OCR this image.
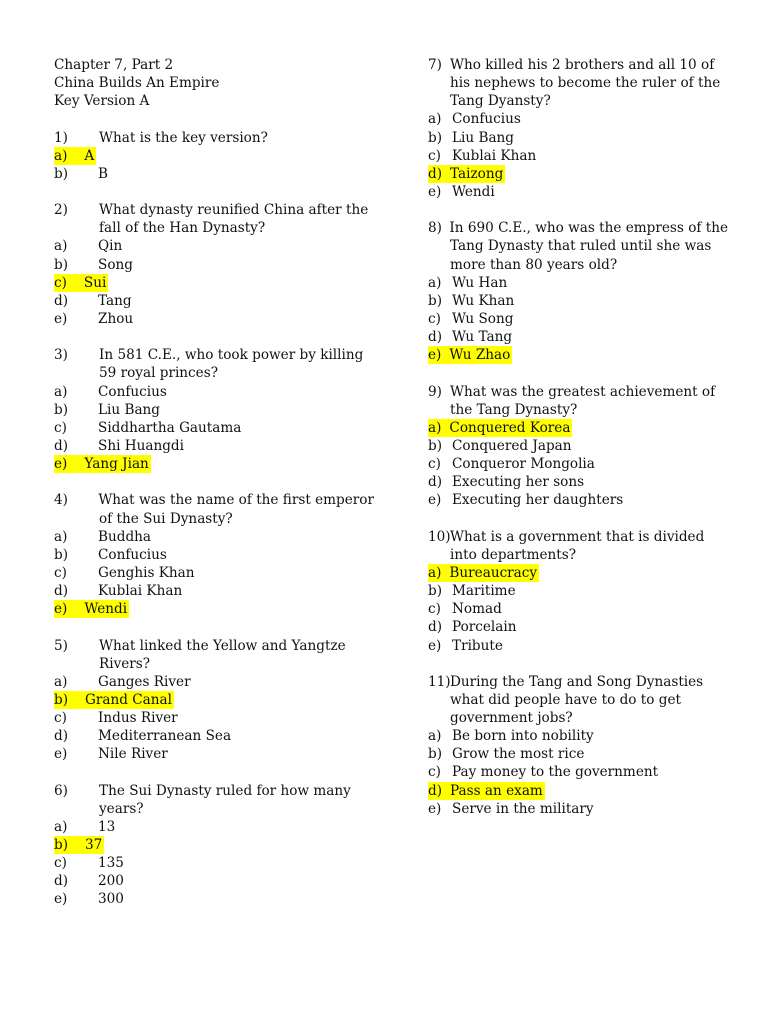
Chapter 7, Part 2
China Builds An Empire
Key Version A
1)	What is the key version?
a)	A
b)	B
2)	What dynasty reunified China after the
fall of the Han Dynasty?
a)	Qin
b)	Song
c)	Sui
d)	Tang
e)	Zhou
3)	In 581 C.E., who took power by killing
59 royal princes?
a)	Confucius
b)	Liu Bang
c)	Siddhartha Gautama
d)	Shi Huangdi
e)	Yang Jian
4)	What was the name of the first emperor
of the Sui Dynasty?
a)	Buddha
b)	Confucius
c)	Genghis Khan
d)	Kublai Khan
e)	Wendi
5)	What linked the Yellow and Yangtze
Rivers?
a)	Ganges River
b)	Grand Canal
c)	Indus River
d)	Mediterranean Sea
e)	Nile River
6)	The Sui Dynasty ruled for how many
years?
a)	13
b)	37
c)	135
d)	200
e)	300
7) Who killed his 2 brothers and all 10 of
his nephews to become the ruler of the
Tang Dyansty?
a) Confucius
b) Liu Bang
c) Kublai Khan
d) Taizong
e) Wendi
8) In 690 C.E., who was the empress of the
Tang Dynasty that ruled until she was
more than 80 years old?
a) Wu Han
b) Wu Khan
c) Wu Song
d) Wu Tang
e) Wu Zhao
9) What was the greatest achievement of
the Tang Dynasty?
a) Conquered Korea
b) Conquered Japan
c) Conqueror Mongolia
d) Executing her sons
e) Executing her daughters
10) What is a government that is divided
into departments?
a) Bureaucracy
b) Maritime
c) Nomad
d) Porcelain
e) Tribute
11) During the Tang and Song Dynasties
what did people have to do to get
government jobs?
a) Be born into nobility
b) Grow the most rice
c) Pay money to the government
d) Pass an exam
e) Serve in the military
